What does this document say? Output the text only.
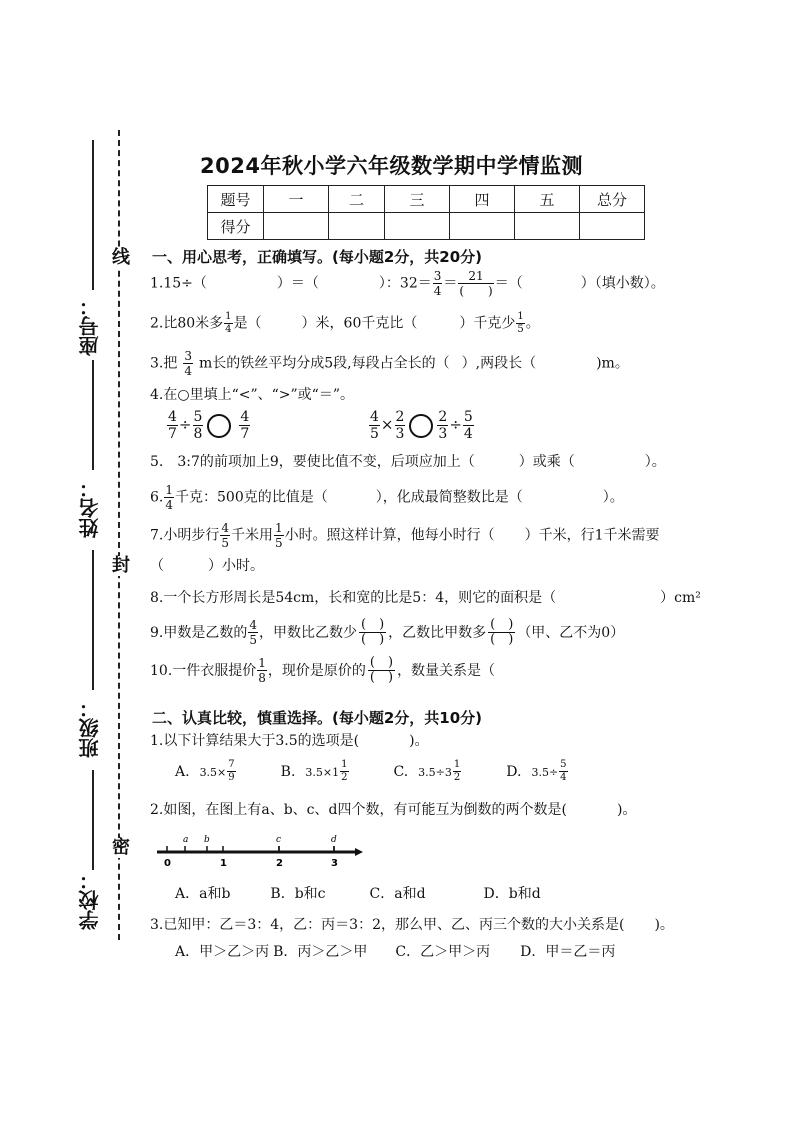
线
封
密
座号：
姓名：
班级：
学校：
2024年秋小学六年级数学期中学情监测
题号	一	二	三	四	五	总分
得分						
一、用心思考，正确填写。(每小题2分，共20分)
1.15÷（	）＝（	）：$32= \frac{3}{4} = \frac{21}{( )}$ ＝（	）（填小数）。
2.比80米多 $\frac{1}{4}$ 是（	）米，60千克比（	）千克少 $\frac{1}{5}$ 。
3.把 $\frac{3}{4}$ m长的铁丝平均分成5段,每段占全长的（ ）,两段长（	)m。
4.在○里填上“<”、“>”或“＝”。
$\frac{4}{7} \div \frac{5}{8}$	$\frac{4}{7}$	$\frac{4}{5} \times \frac{2}{3} \frac{2}{3} \div \frac{5}{4}$
5.　3:7的前项加上9，要使比值不变，后项应加上（	）或乘（	）。
6. $\frac{1}{4}$ 千克：500克的比值是（	），化成最简整数比是（	）。
7.小明步行 $\frac{4}{5}$ 千米用 $\frac{1}{5}$ 小时。照这样计算，他每小时行（ ）千米，行1千米需要
（	）小时。
8.一个长方形周长是54cm，长和宽的比是5：4，则它的面积是（	）cm²
9.甲数是乙数的 $\frac{4}{5}$ ，甲数比乙数少 $\frac{( )}{( )}$ ，乙数比甲数多 $\frac{( )}{( )}$ （甲、乙不为0）
10.一件衣服提价 $\frac{1}{8}$ ，现价是原价的 $\frac{( )}{( )}$ ，数量关系是（
二、认真比较，慎重选择。(每小题2分，共10分)
1.以下计算结果大于3.5的选项是(	)。
A. $3.5\times \frac{7}{9}$	B. $3.5\times 1 \frac{1}{2}$	C. $3.5\div 3 \frac{1}{2}$	D. $3.5\div \frac{5}{4}$
2.如图，在图上有a、b、c、d四个数，有可能互为倒数的两个数是(	)。
a b	c	d
0	1	2	3
A．a和b	B．b和c	C．a和d	D．b和d
3.已知甲：乙＝3：4，乙：丙＝3：2，那么甲、乙、丙三个数的大小关系是( )。
A．甲＞乙＞丙 B．丙＞乙＞甲 C．乙＞甲＞丙 D．甲＝乙＝丙
